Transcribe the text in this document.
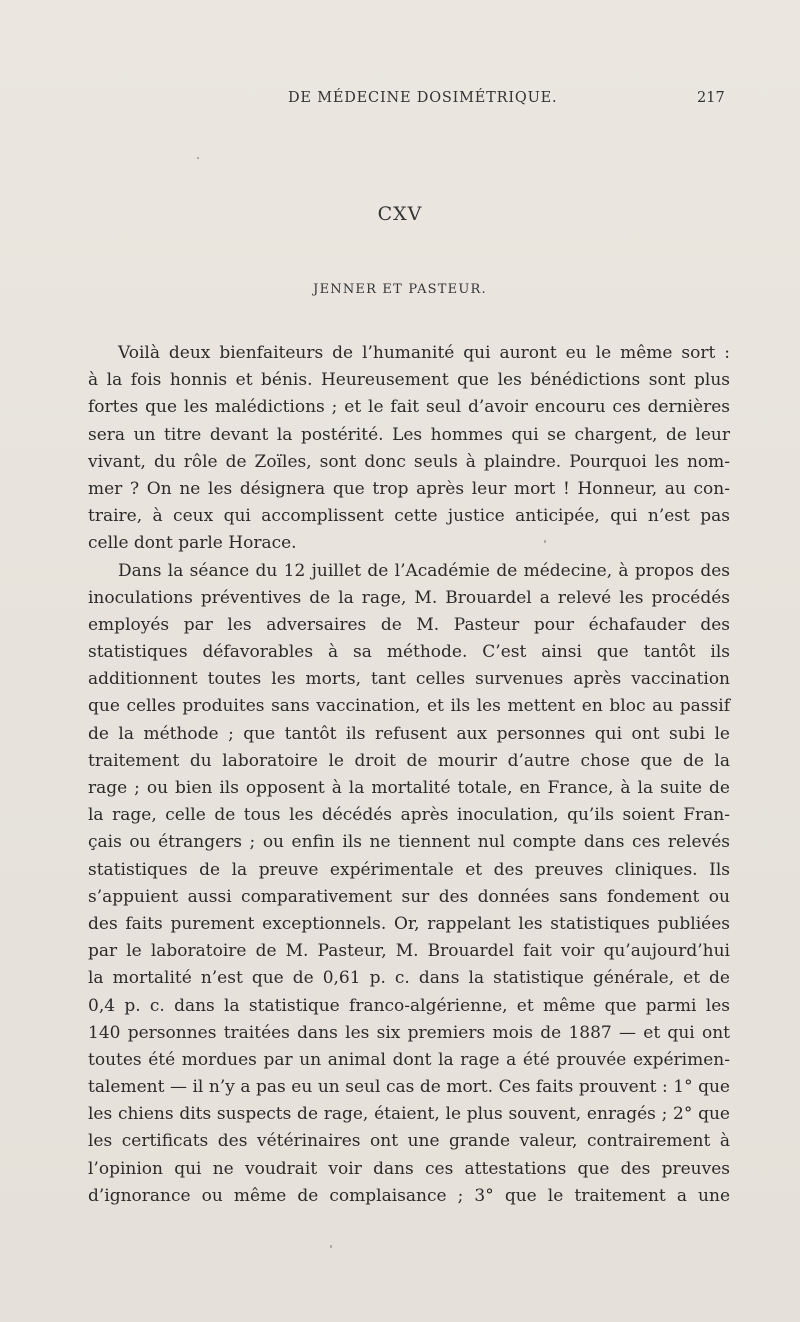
DE MÉDECINE DOSIMÉTRIQUE.	217
CXV
JENNER ET PASTEUR.
Voilà deux bienfaiteurs de l’humanité qui auront eu le même sort :
à la fois honnis et bénis. Heureusement que les bénédictions sont plus
fortes que les malédictions ; et le fait seul d’avoir encouru ces dernières
sera un titre devant la postérité. Les hommes qui se chargent, de leur
vivant, du rôle de Zoïles, sont donc seuls à plaindre. Pourquoi les nom-
mer ? On ne les désignera que trop après leur mort ! Honneur, au con-
traire, à ceux qui accomplissent cette justice anticipée, qui n’est pas
celle dont parle Horace.
Dans la séance du 12 juillet de l’Académie de médecine, à propos des
inoculations préventives de la rage, M. Brouardel a relevé les procédés
employés par les adversaires de M. Pasteur pour échafauder des
statistiques défavorables à sa méthode. C’est ainsi que tantôt ils
additionnent toutes les morts, tant celles survenues après vaccination
que celles produites sans vaccination, et ils les mettent en bloc au passif
de la méthode ; que tantôt ils refusent aux personnes qui ont subi le
traitement du laboratoire le droit de mourir d’autre chose que de la
rage ; ou bien ils opposent à la mortalité totale, en France, à la suite de
la rage, celle de tous les décédés après inoculation, qu’ils soient Fran-
çais ou étrangers ; ou enfin ils ne tiennent nul compte dans ces relevés
statistiques de la preuve expérimentale et des preuves cliniques. Ils
s’appuient aussi comparativement sur des données sans fondement ou
des faits purement exceptionnels. Or, rappelant les statistiques publiées
par le laboratoire de M. Pasteur, M. Brouardel fait voir qu’aujourd’hui
la mortalité n’est que de 0,61 p. c. dans la statistique générale, et de
0,4 p. c. dans la statistique franco-algérienne, et même que parmi les
140 personnes traitées dans les six premiers mois de 1887 — et qui ont
toutes été mordues par un animal dont la rage a été prouvée expérimen-
talement — il n’y a pas eu un seul cas de mort. Ces faits prouvent : 1° que
les chiens dits suspects de rage, étaient, le plus souvent, enragés ; 2° que
les certificats des vétérinaires ont une grande valeur, contrairement à
l’opinion qui ne voudrait voir dans ces attestations que des preuves
d’ignorance ou même de complaisance ; 3° que le traitement a une
